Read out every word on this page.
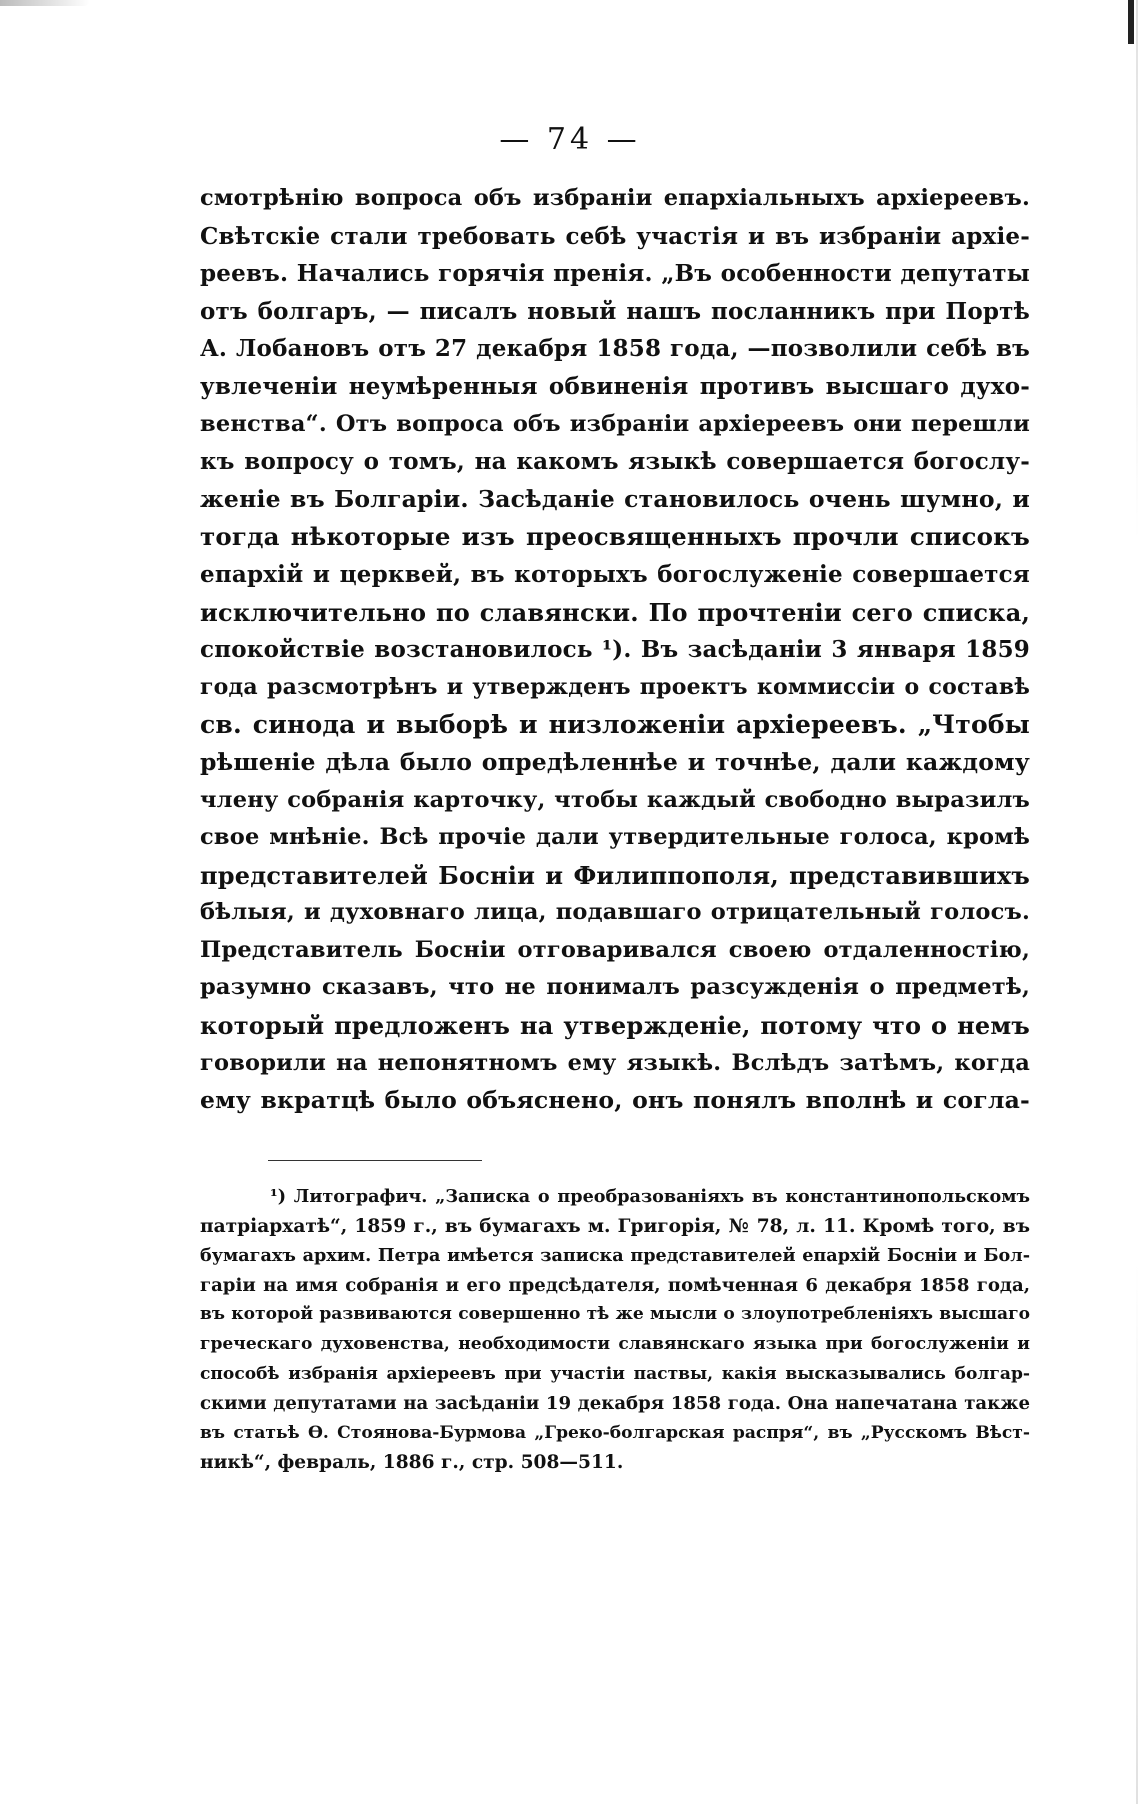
— 74 —
смотрѣнію вопроса объ избраніи епархіальныхъ архіереевъ.
Свѣтскіе стали требовать себѣ участія и въ избраніи архіе-
реевъ. Начались горячія пренія. „Въ особенности депутаты
отъ болгаръ, — писалъ новый нашъ посланникъ при Портѣ
А. Лобановъ отъ 27 декабря 1858 года, —позволили себѣ въ
увлеченіи неумѣренныя обвиненія противъ высшаго духо-
венства“. Отъ вопроса объ избраніи архіереевъ они перешли
къ вопросу о томъ, на какомъ языкѣ совершается богослу-
женіе въ Болгаріи. Засѣданіе становилось очень шумно, и
тогда нѣкоторые изъ преосвященныхъ прочли списокъ
епархій и церквей, въ которыхъ богослуженіе совершается
исключительно по славянски. По прочтеніи сего списка,
спокойствіе возстановилось ¹). Въ засѣданіи 3 января 1859
года разсмотрѣнъ и утвержденъ проектъ коммиссіи о составѣ
св. синода и выборѣ и низложеніи архіереевъ. „Чтобы
рѣшеніе дѣла было опредѣленнѣе и точнѣе, дали каждому
члену собранія карточку, чтобы каждый свободно выразилъ
свое мнѣніе. Всѣ прочіе дали утвердительные голоса, кромѣ
представителей Босніи и Филиппополя, представившихъ
бѣлыя, и духовнаго лица, подавшаго отрицательный голосъ.
Представитель Босніи отговаривался своею отдаленностію,
разумно сказавъ, что не понималъ разсужденія о предметѣ,
который предложенъ на утвержденіе, потому что о немъ
говорили на непонятномъ ему языкѣ. Вслѣдъ затѣмъ, когда
ему вкратцѣ было объяснено, онъ понялъ вполнѣ и согла-
¹) Литографич. „Записка о преобразованіяхъ въ константинопольскомъ
патріархатѣ“, 1859 г., въ бумагахъ м. Григорія, № 78, л. 11. Кромѣ того, въ
бумагахъ архим. Петра имѣется записка представителей епархій Босніи и Бол-
гаріи на имя собранія и его предсѣдателя, помѣченная 6 декабря 1858 года,
въ которой развиваются совершенно тѣ же мысли о злоупотребленіяхъ высшаго
греческаго духовенства, необходимости славянскаго языка при богослуженіи и
способѣ избранія архіереевъ при участіи паствы, какія высказывались болгар-
скими депутатами на засѣданіи 19 декабря 1858 года. Она напечатана также
въ статьѣ Ѳ. Стоянова-Бурмова „Греко-болгарская распря“, въ „Русскомъ Вѣст-
никѣ“, февраль, 1886 г., стр. 508—511.
